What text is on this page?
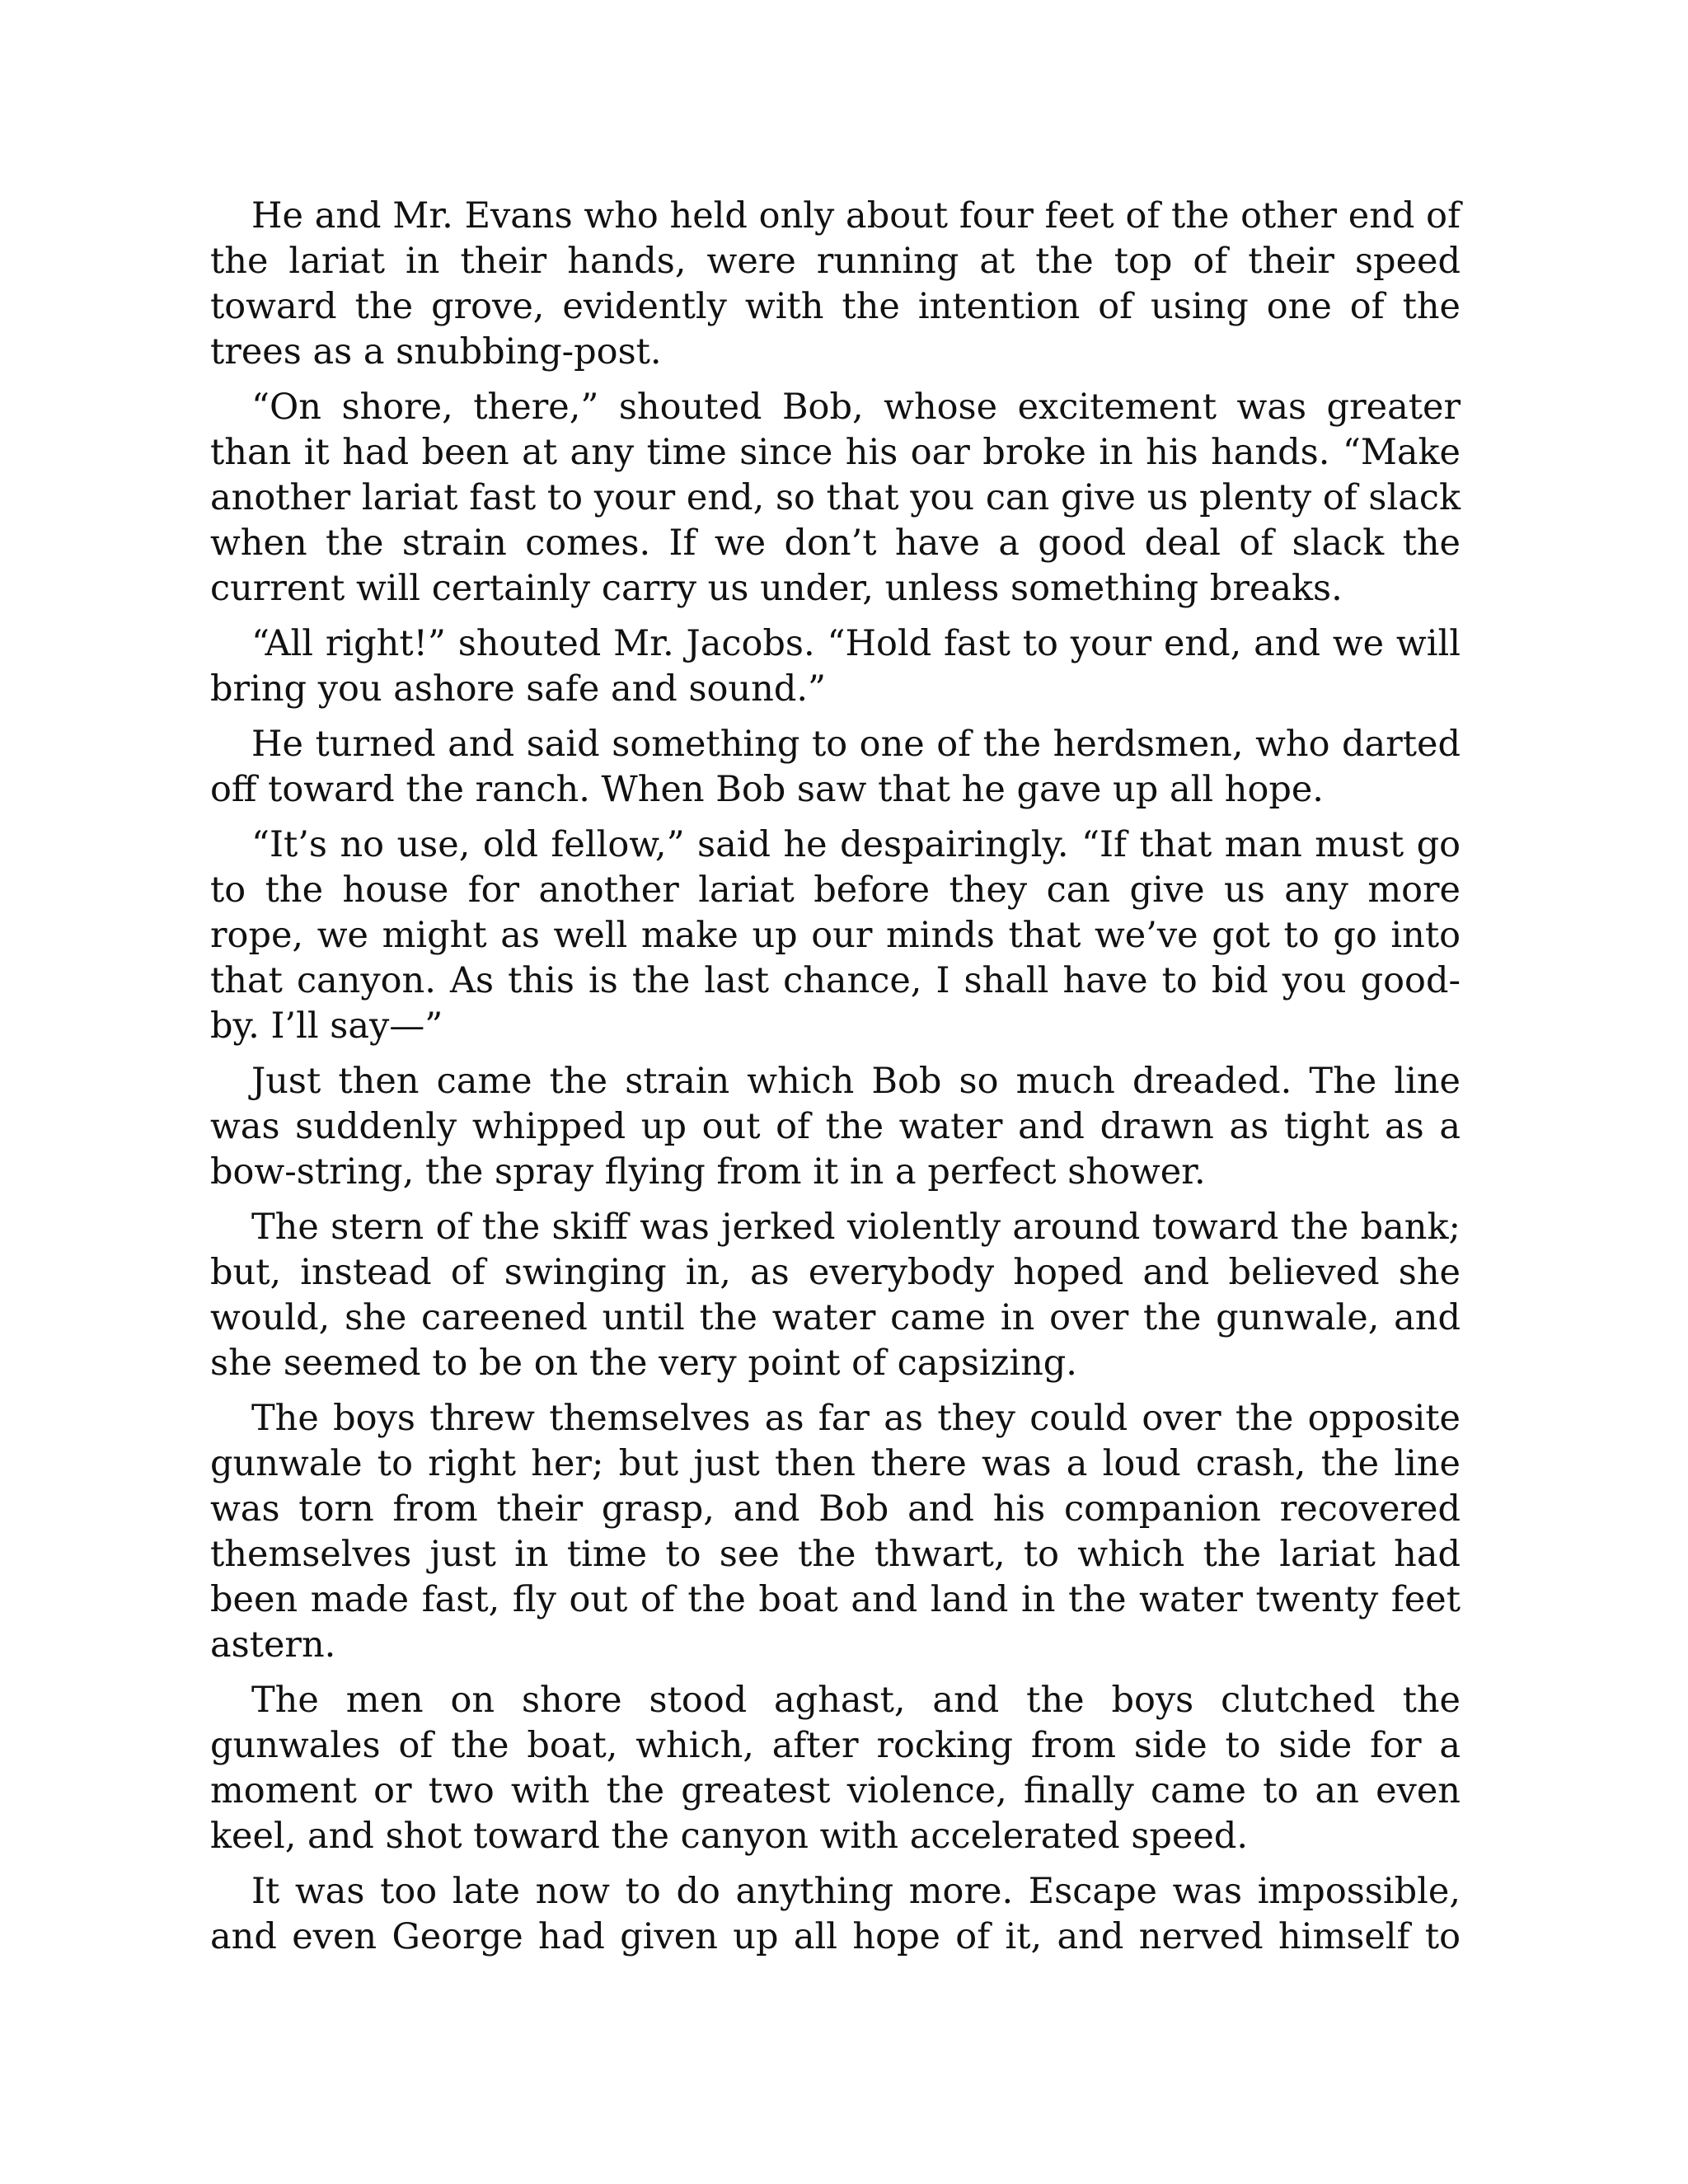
He and Mr. Evans who held only about four feet of the other end of the lariat in their hands, were running at the top of their speed toward the grove, evidently with the intention of using one of the trees as a snubbing-post.

“On shore, there,” shouted Bob, whose excitement was greater than it had been at any time since his oar broke in his hands. “Make another lariat fast to your end, so that you can give us plenty of slack when the strain comes. If we don’t have a good deal of slack the current will certainly carry us under, unless something breaks.

“All right!” shouted Mr. Jacobs. “Hold fast to your end, and we will bring you ashore safe and sound.”

He turned and said something to one of the herdsmen, who darted off toward the ranch. When Bob saw that he gave up all hope.

“It’s no use, old fellow,” said he despairingly. “If that man must go to the house for another lariat before they can give us any more rope, we might as well make up our minds that we’ve got to go into that canyon. As this is the last chance, I shall have to bid you good-by. I’ll say—”

Just then came the strain which Bob so much dreaded. The line was suddenly whipped up out of the water and drawn as tight as a bow-string, the spray flying from it in a perfect shower.

The stern of the skiff was jerked violently around toward the bank; but, instead of swinging in, as everybody hoped and believed she would, she careened until the water came in over the gunwale, and she seemed to be on the very point of capsizing.

The boys threw themselves as far as they could over the opposite gunwale to right her; but just then there was a loud crash, the line was torn from their grasp, and Bob and his companion recovered themselves just in time to see the thwart, to which the lariat had been made fast, fly out of the boat and land in the water twenty feet astern.

The men on shore stood aghast, and the boys clutched the gunwales of the boat, which, after rocking from side to side for a moment or two with the greatest violence, finally came to an even keel, and shot toward the canyon with accelerated speed.

It was too late now to do anything more. Escape was impossible, and even George had given up all hope of it, and nerved himself to
